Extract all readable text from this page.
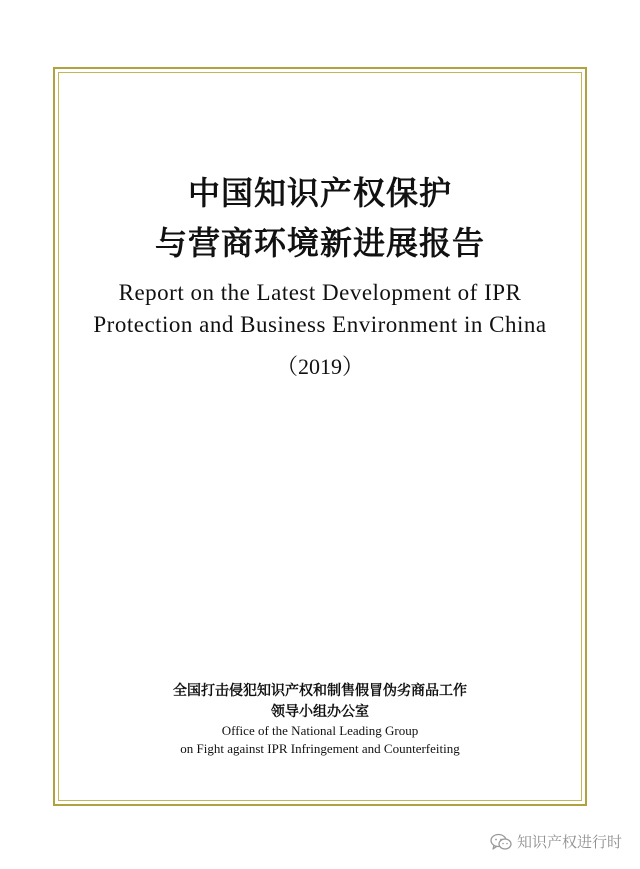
中国知识产权保护
与营商环境新进展报告
Report on the Latest Development of IPR
Protection and Business Environment in China
（2019）
全国打击侵犯知识产权和制售假冒伪劣商品工作
领导小组办公室
Office of the National Leading Group
on Fight against IPR Infringement and Counterfeiting
知识产权进行时
